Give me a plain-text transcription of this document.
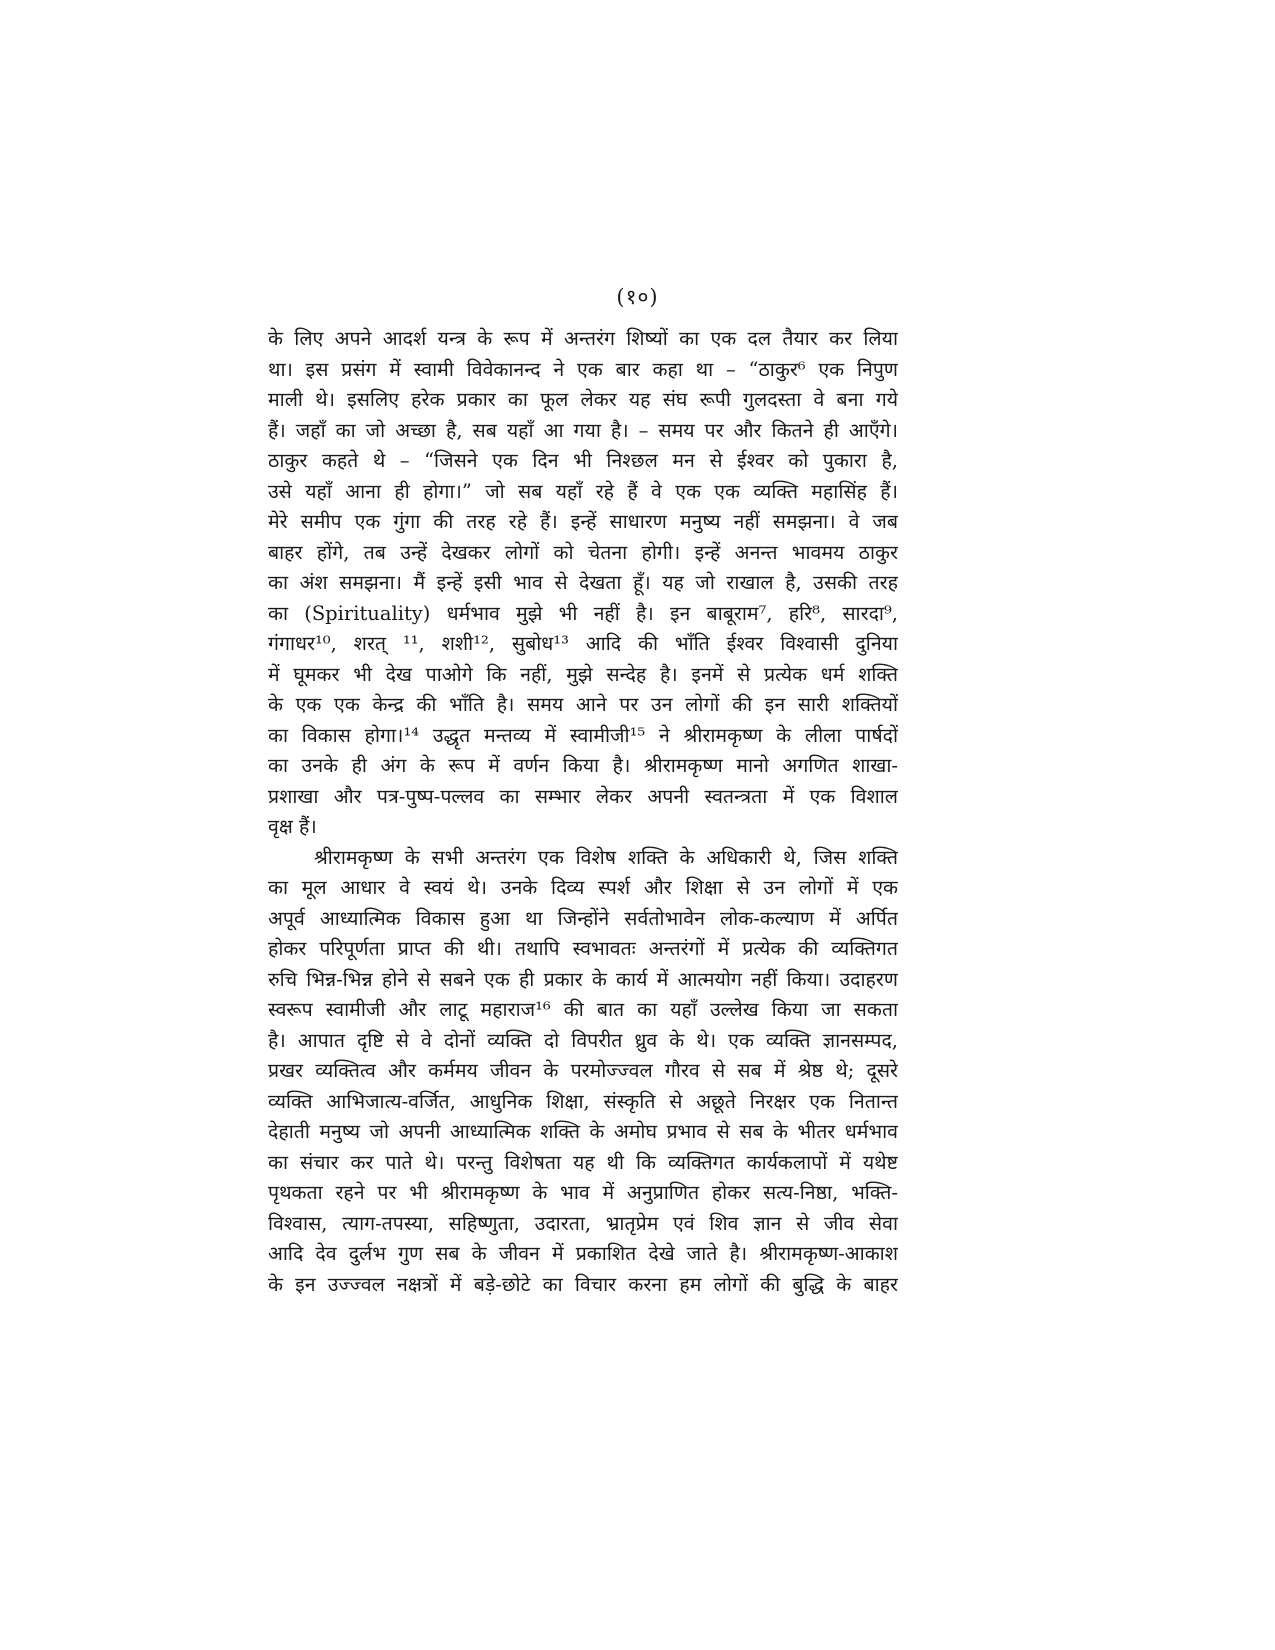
(१०)
के लिए अपने आदर्श यन्त्र के रूप में अन्तरंग शिष्यों का एक दल तैयार कर लिया
था। इस प्रसंग में स्वामी विवेकानन्द ने एक बार कहा था – “ठाकुर⁶ एक निपुण
माली थे। इसलिए हरेक प्रकार का फूल लेकर यह संघ रूपी गुलदस्ता वे बना गये
हैं। जहाँ का जो अच्छा है, सब यहाँ आ गया है। – समय पर और कितने ही आएँगे।
ठाकुर कहते थे – “जिसने एक दिन भी निश्छल मन से ईश्वर को पुकारा है,
उसे यहाँ आना ही होगा।” जो सब यहाँ रहे हैं वे एक एक व्यक्ति महासिंह हैं।
मेरे समीप एक गुंगा की तरह रहे हैं। इन्हें साधारण मनुष्य नहीं समझना। वे जब
बाहर होंगे, तब उन्हें देखकर लोगों को चेतना होगी। इन्हें अनन्त भावमय ठाकुर
का अंश समझना। मैं इन्हें इसी भाव से देखता हूँ। यह जो राखाल है, उसकी तरह
का (Spirituality) धर्मभाव मुझे भी नहीं है। इन बाबूराम⁷, हरि⁸, सारदा⁹,
गंगाधर¹⁰, शरत् ¹¹, शशी¹², सुबोध¹³ आदि की भाँति ईश्वर विश्वासी दुनिया
में घूमकर भी देख पाओगे कि नहीं, मुझे सन्देह है। इनमें से प्रत्येक धर्म शक्ति
के एक एक केन्द्र की भाँति है। समय आने पर उन लोगों की इन सारी शक्तियों
का विकास होगा।¹⁴ उद्धृत मन्तव्य में स्वामीजी¹⁵ ने श्रीरामकृष्ण के लीला पार्षदों
का उनके ही अंग के रूप में वर्णन किया है। श्रीरामकृष्ण मानो अगणित शाखा-
प्रशाखा और पत्र-पुष्प-पल्लव का सम्भार लेकर अपनी स्वतन्त्रता में एक विशाल
वृक्ष हैं।
श्रीरामकृष्ण के सभी अन्तरंग एक विशेष शक्ति के अधिकारी थे, जिस शक्ति
का मूल आधार वे स्वयं थे। उनके दिव्य स्पर्श और शिक्षा से उन लोगों में एक
अपूर्व आध्यात्मिक विकास हुआ था जिन्होंने सर्वतोभावेन लोक-कल्याण में अर्पित
होकर परिपूर्णता प्राप्त की थी। तथापि स्वभावतः अन्तरंगों में प्रत्येक की व्यक्तिगत
रुचि भिन्न-भिन्न होने से सबने एक ही प्रकार के कार्य में आत्मयोग नहीं किया। उदाहरण
स्वरूप स्वामीजी और लाटू महाराज¹⁶ की बात का यहाँ उल्लेख किया जा सकता
है। आपात दृष्टि से वे दोनों व्यक्ति दो विपरीत ध्रुव के थे। एक व्यक्ति ज्ञानसम्पद,
प्रखर व्यक्तित्व और कर्ममय जीवन के परमोज्ज्वल गौरव से सब में श्रेष्ठ थे; दूसरे
व्यक्ति आभिजात्य-वर्जित, आधुनिक शिक्षा, संस्कृति से अछूते निरक्षर एक नितान्त
देहाती मनुष्य जो अपनी आध्यात्मिक शक्ति के अमोघ प्रभाव से सब के भीतर धर्मभाव
का संचार कर पाते थे। परन्तु विशेषता यह थी कि व्यक्तिगत कार्यकलापों में यथेष्ट
पृथकता रहने पर भी श्रीरामकृष्ण के भाव में अनुप्राणित होकर सत्य-निष्ठा, भक्ति-
विश्वास, त्याग-तपस्या, सहिष्णुता, उदारता, भ्रातृप्रेम एवं शिव ज्ञान से जीव सेवा
आदि देव दुर्लभ गुण सब के जीवन में प्रकाशित देखे जाते है। श्रीरामकृष्ण-आकाश
के इन उज्ज्वल नक्षत्रों में बड़े-छोटे का विचार करना हम लोगों की बुद्धि के बाहर
